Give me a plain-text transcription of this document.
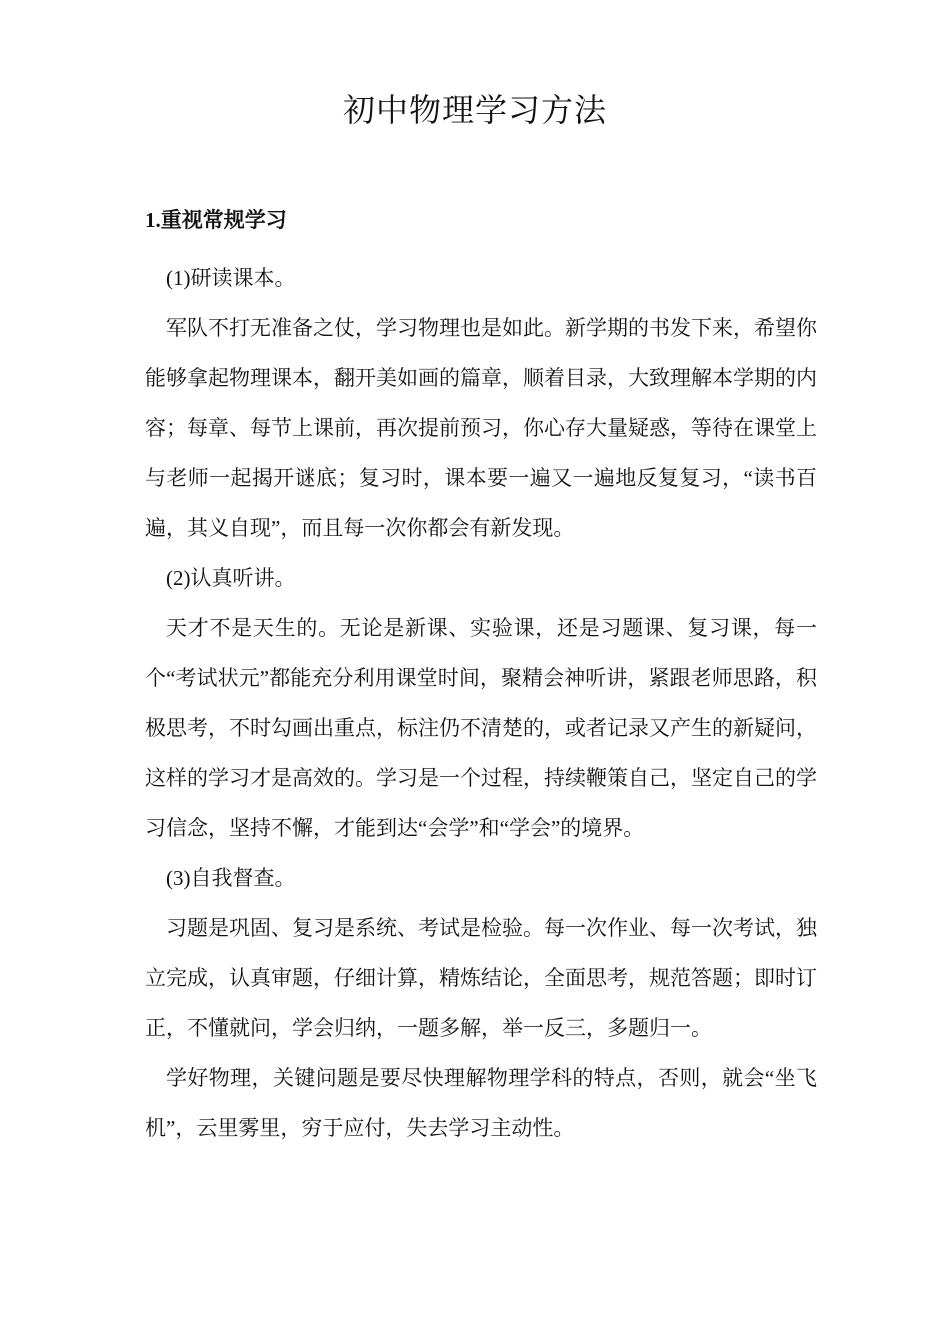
初中物理学习方法
1.重视常规学习

(1)研读课本。

军队不打无准备之仗，学习物理也是如此。新学期的书发下来，希望你能够拿起物理课本，翻开美如画的篇章，顺着目录，大致理解本学期的内容；每章、每节上课前，再次提前预习，你心存大量疑惑，等待在课堂上与老师一起揭开谜底；复习时，课本要一遍又一遍地反复复习，“读书百遍，其义自现”，而且每一次你都会有新发现。

(2)认真听讲。

天才不是天生的。无论是新课、实验课，还是习题课、复习课，每一个“考试状元”都能充分利用课堂时间，聚精会神听讲，紧跟老师思路，积极思考，不时勾画出重点，标注仍不清楚的，或者记录又产生的新疑问，这样的学习才是高效的。学习是一个过程，持续鞭策自己，坚定自己的学习信念，坚持不懈，才能到达“会学”和“学会”的境界。

(3)自我督查。

习题是巩固、复习是系统、考试是检验。每一次作业、每一次考试，独立完成，认真审题，仔细计算，精炼结论，全面思考，规范答题；即时订正，不懂就问，学会归纳，一题多解，举一反三，多题归一。

学好物理，关键问题是要尽快理解物理学科的特点，否则，就会“坐飞机”，云里雾里，穷于应付，失去学习主动性。
